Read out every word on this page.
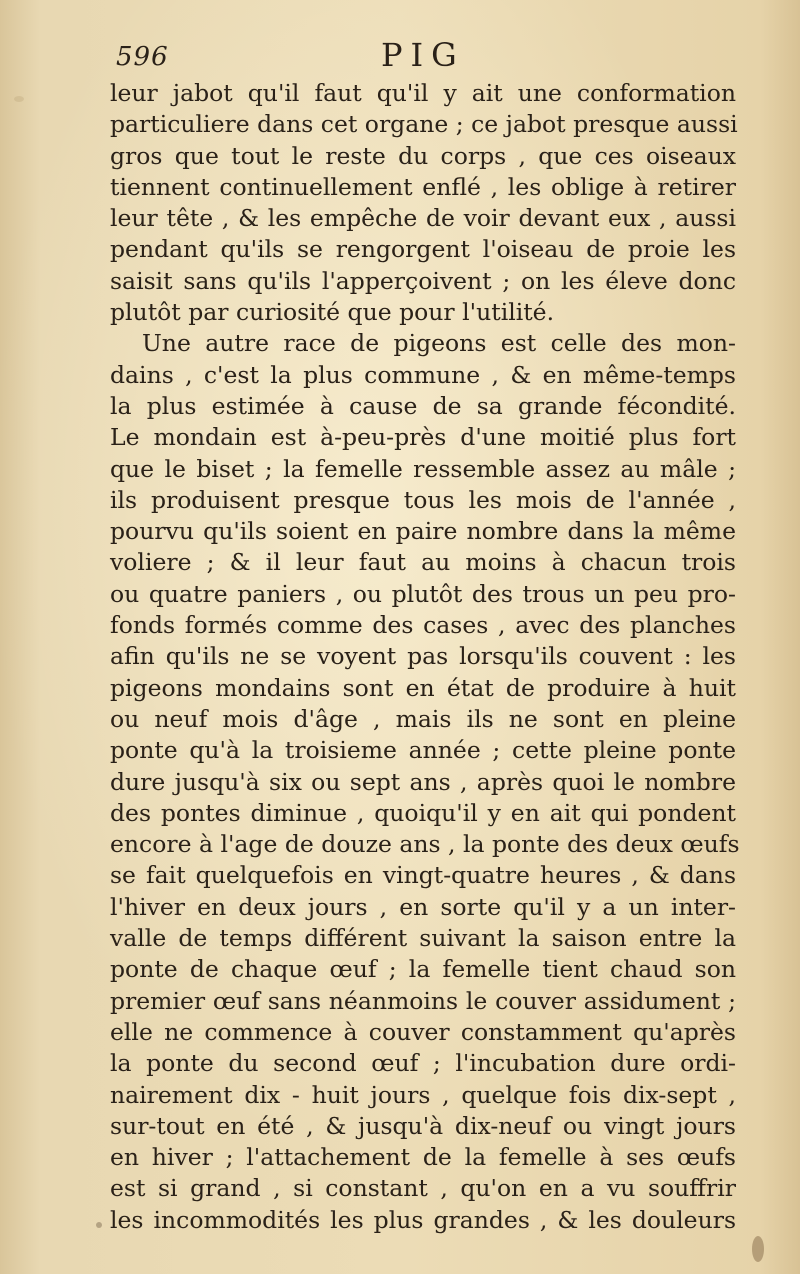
596	PIG
leur jabot qu'il faut qu'il y ait une conformation
particuliere dans cet organe ; ce jabot presque aussi
gros que tout le reste du corps , que ces oiseaux
tiennent continuellement enflé , les oblige à retirer
leur tête , & les empêche de voir devant eux , aussi
pendant qu'ils se rengorgent l'oiseau de proie les
saisit sans qu'ils l'apperçoivent ; on les éleve donc
plutôt par curiosité que pour l'utilité.
Une autre race de pigeons est celle des mon-
dains , c'est la plus commune , & en même-temps
la plus estimée à cause de sa grande fécondité.
Le mondain est à-peu-près d'une moitié plus fort
que le biset ; la femelle ressemble assez au mâle ;
ils produisent presque tous les mois de l'année ,
pourvu qu'ils soient en paire nombre dans la même
voliere ; & il leur faut au moins à chacun trois
ou quatre paniers , ou plutôt des trous un peu pro-
fonds formés comme des cases , avec des planches
afin qu'ils ne se voyent pas lorsqu'ils couvent : les
pigeons mondains sont en état de produire à huit
ou neuf mois d'âge , mais ils ne sont en pleine
ponte qu'à la troisieme année ; cette pleine ponte
dure jusqu'à six ou sept ans , après quoi le nombre
des pontes diminue , quoiqu'il y en ait qui pondent
encore à l'age de douze ans , la ponte des deux œufs
se fait quelquefois en vingt-quatre heures , & dans
l'hiver en deux jours , en sorte qu'il y a un inter-
valle de temps différent suivant la saison entre la
ponte de chaque œuf ; la femelle tient chaud son
premier œuf sans néanmoins le couver assidument ;
elle ne commence à couver constamment qu'après
la ponte du second œuf ; l'incubation dure ordi-
nairement dix - huit jours , quelque fois dix-sept ,
sur-tout en été , & jusqu'à dix-neuf ou vingt jours
en hiver ; l'attachement de la femelle à ses œufs
est si grand , si constant , qu'on en a vu souffrir
les incommodités les plus grandes , & les douleurs
